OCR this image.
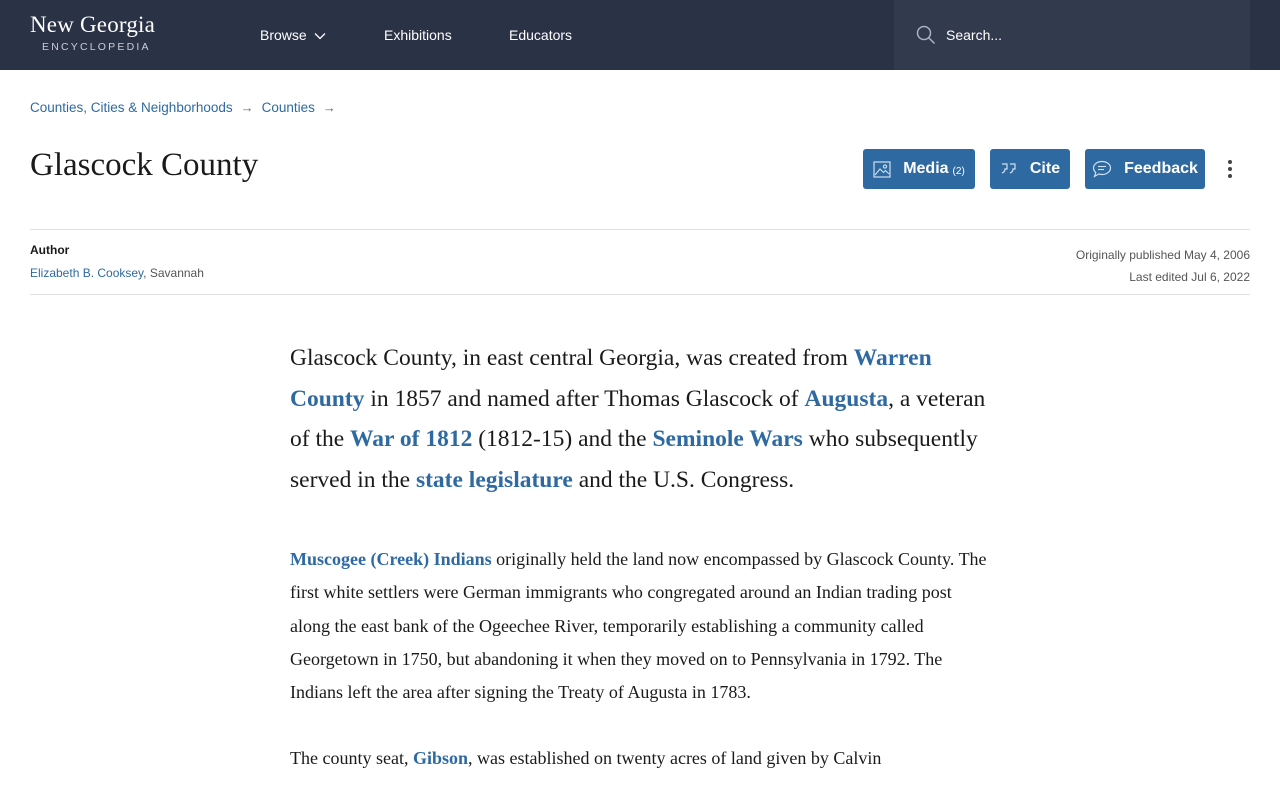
New Georgia
ENCYCLOPEDIA
Browse	Exhibitions	Educators
Search...
Counties, Cities & Neighborhoods → Counties →
Glascock County	Media (2)	Cite	Feedback
Author
Elizabeth B. Cooksey, Savannah
Originally published May 4, 2006
Last edited Jul 6, 2022

Glascock County, in east central Georgia, was created from Warren County in 1857 and named after Thomas Glascock of Augusta, a veteran of the War of 1812 (1812-15) and the Seminole Wars who subsequently served in the state legislature and the U.S. Congress.

Muscogee (Creek) Indians originally held the land now encompassed by Glascock County. The first white settlers were German immigrants who congregated around an Indian trading post along the east bank of the Ogeechee River, temporarily establishing a community called Georgetown in 1750, but abandoning it when they moved on to Pennsylvania in 1792. The Indians left the area after signing the Treaty of Augusta in 1783.

The county seat, Gibson, was established on twenty acres of land given by Calvin
